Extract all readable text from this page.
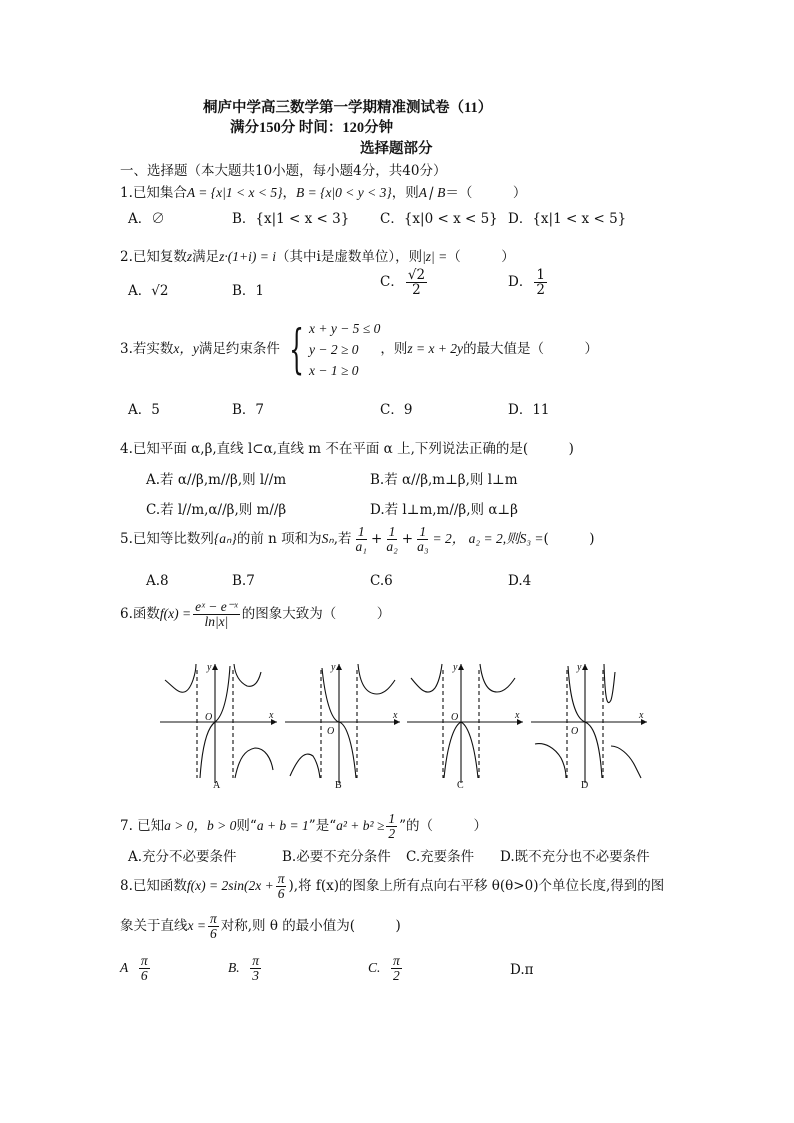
桐庐中学高三数学第一学期精准测试卷（11）
满分150分 时间：120分钟
选择题部分
一、选择题（本大题共10小题，每小题4分，共40分）
1.已知集合A = {x|1 < x < 5}，B = {x|0 < y < 3}，则A∣ B＝（　　　）
A．∅	B．{x|1 < x < 3} C．{x|0 < x < 5} D．{x|1 < x < 5}
2.已知复数z满足z·(1+i) = i（其中i是虚数单位），则|z| =（　　　）
A．√2	B．1
C． $\frac{√2}{2}$	D． $\frac{1}{2}$
3.若实数x，y满足约束条件 { x + y − 5 ≤ 0
y − 2 ≥ 0
x − 1 ≥ 0
，则z = x + 2y的最大值是（　　　）
A．5	B．7	C．9	D．11
4.已知平面 α,β,直线 l⊂α,直线 m 不在平面 α 上,下列说法正确的是(　　　)
A.若 α//β,m//β,则 l//m	B.若 α//β,m⊥β,则 l⊥m
C.若 l//m,α//β,则 m//β	D.若 l⊥m,m//β,则 α⊥β
5.已知等比数列{aₙ}的前 n 项和为Sₙ,若 $\frac{1}{\text{a₁}} + \frac{1}{\text{a₂}} + \frac{1}{\text{a₃}} = 2$， a₂ = 2,则S₃ =(　　　)
A.8	B.7	C.6	D.4
6.函数$f(x) = \frac{\text{eˣ − e⁻ˣ}}{\ln|x|}$ 的图象大致为（　　　）
y
x
O
y
x
O
y
x
O
y
x
O
A	B	C	D
7. 已知a > 0，b > 0则“a + b = 1”是“$a^2 + b^2 \ge \frac{1}{2}$ ”的（　　　）
A.充分不必要条件	B.必要不充分条件 C.充要条件 D.既不充分也不必要条件
8.已知函数$f(x) = 2\sin(2x + \frac{\pi}{6}$ ),将 f(x)的图象上所有点向右平移 θ(θ>0)个单位长度,得到的图
象关于直线$x = \frac{\pi}{6}$ 对称,则 θ 的最小值为(　　　)
A $\frac{\pi}{6}$	B. $\frac{\pi}{3}$	C. $\frac{\pi}{2}$	D.π
